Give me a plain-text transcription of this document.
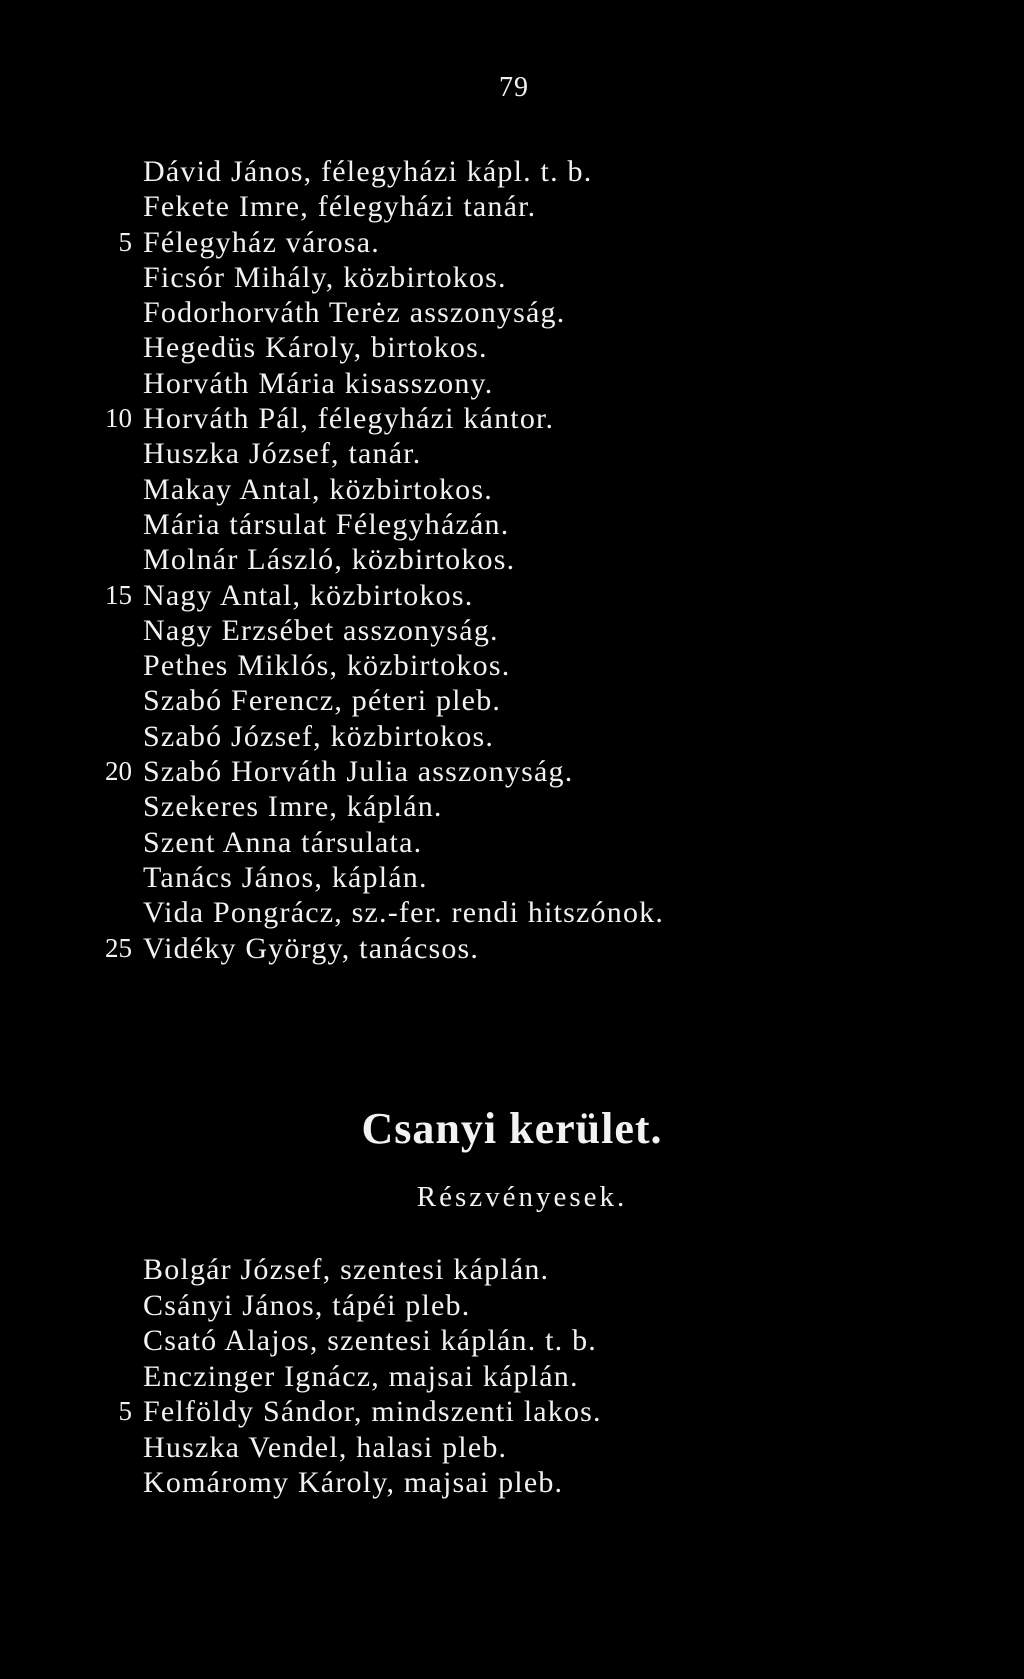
79
Dávid János, félegyházi kápl. t. b.
Fekete Imre, félegyházi tanár.
5 Félegyház városa.
Ficsór Mihály, közbirtokos.
Fodorhorváth Terėz asszonyság.
Hegedüs Károly, birtokos.
Horváth Mária kisasszony.
10 Horváth Pál, félegyházi kántor.
Huszka József, tanár.
Makay Antal, közbirtokos.
Mária társulat Félegyházán.
Molnár László, közbirtokos.
15 Nagy Antal, közbirtokos.
Nagy Erzsébet asszonyság.
Pethes Miklós, közbirtokos.
Szabó Ferencz, péteri pleb.
Szabó József, közbirtokos.
20 Szabó Horváth Julia asszonyság.
Szekeres Imre, káplán.
Szent Anna társulata.
Tanács János, káplán.
Vida Pongrácz, sz.-fer. rendi hitszónok.
25 Vidéky György, tanácsos.
Csanyi kerület.
Részvényesek.
Bolgár József, szentesi káplán.
Csányi János, tápéi pleb.
Csató Alajos, szentesi káplán. t. b.
Enczinger Ignácz, majsai káplán.
5 Felföldy Sándor, mindszenti lakos.
Huszka Vendel, halasi pleb.
Komáromy Károly, majsai pleb.
